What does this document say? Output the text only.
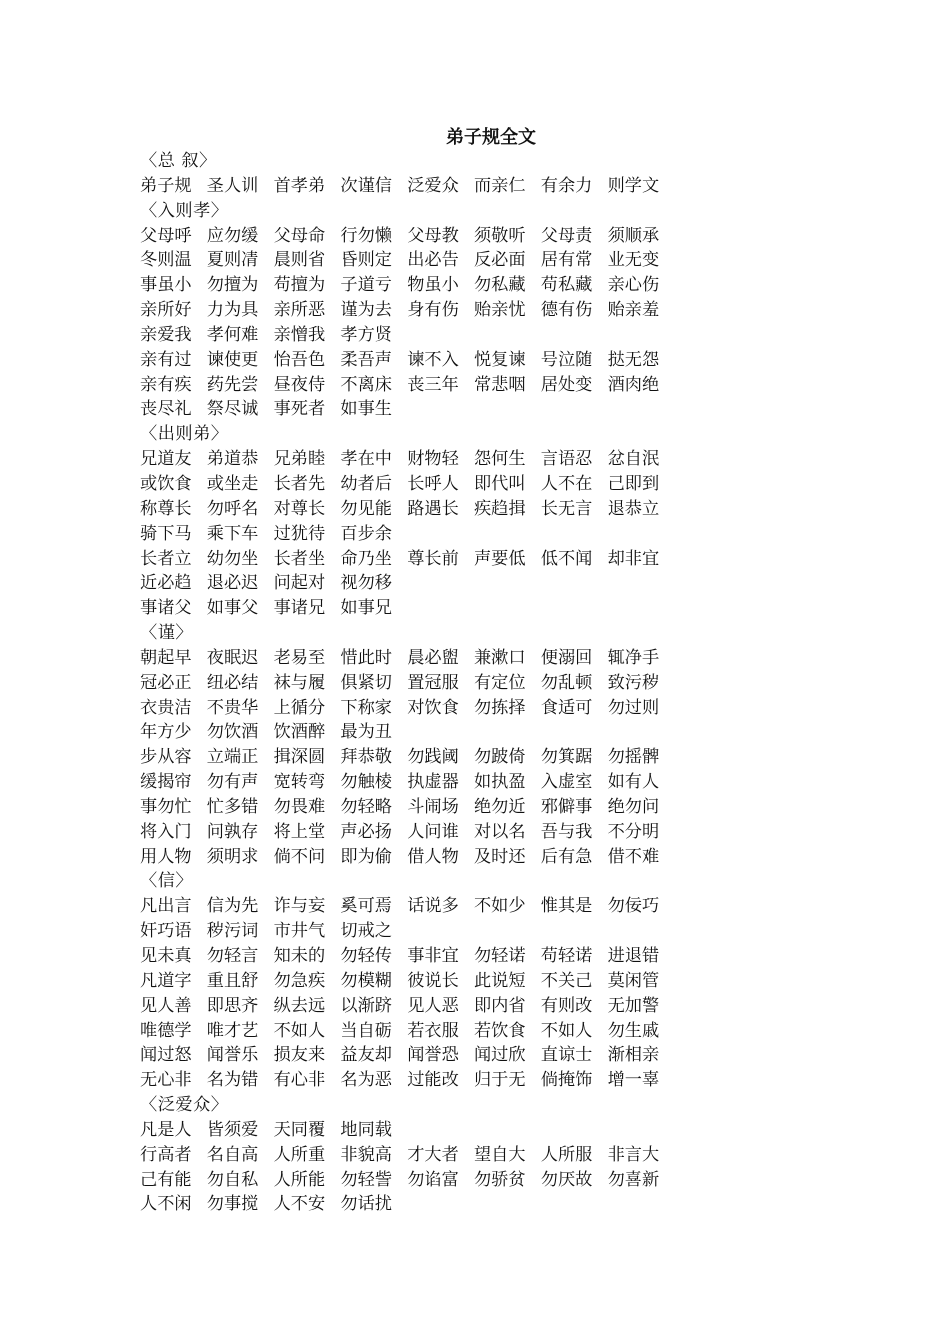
弟子规全文
〈总 叙〉
弟子规 圣人训 首孝弟 次谨信 泛爱众 而亲仁 有余力 则学文
〈入则孝〉
父母呼 应勿缓 父母命 行勿懒 父母教 须敬听 父母责 须顺承
冬则温 夏则凊 晨则省 昏则定 出必告 反必面 居有常 业无变
事虽小 勿擅为 苟擅为 子道亏 物虽小 勿私藏 苟私藏 亲心伤
亲所好 力为具 亲所恶 谨为去 身有伤 贻亲忧 德有伤 贻亲羞
亲爱我 孝何难 亲憎我 孝方贤
亲有过 谏使更 怡吾色 柔吾声 谏不入 悦复谏 号泣随 挞无怨
亲有疾 药先尝 昼夜侍 不离床 丧三年 常悲咽 居处变 酒肉绝
丧尽礼 祭尽诚 事死者 如事生
〈出则弟〉
兄道友 弟道恭 兄弟睦 孝在中 财物轻 怨何生 言语忍 忿自泯
或饮食 或坐走 长者先 幼者后 长呼人 即代叫 人不在 己即到
称尊长 勿呼名 对尊长 勿见能 路遇长 疾趋揖 长无言 退恭立
骑下马 乘下车 过犹待 百步余
长者立 幼勿坐 长者坐 命乃坐 尊长前 声要低 低不闻 却非宜
近必趋 退必迟 问起对 视勿移
事诸父 如事父 事诸兄 如事兄
〈谨〉
朝起早 夜眠迟 老易至 惜此时 晨必盥 兼漱口 便溺回 辄净手
冠必正 纽必结 袜与履 俱紧切 置冠服 有定位 勿乱顿 致污秽
衣贵洁 不贵华 上循分 下称家 对饮食 勿拣择 食适可 勿过则
年方少 勿饮酒 饮酒醉 最为丑
步从容 立端正 揖深圆 拜恭敬 勿践阈 勿跛倚 勿箕踞 勿摇髀
缓揭帘 勿有声 宽转弯 勿触棱 执虚器 如执盈 入虚室 如有人
事勿忙 忙多错 勿畏难 勿轻略 斗闹场 绝勿近 邪僻事 绝勿问
将入门 问孰存 将上堂 声必扬 人问谁 对以名 吾与我 不分明
用人物 须明求 倘不问 即为偷 借人物 及时还 后有急 借不难
〈信〉
凡出言 信为先 诈与妄 奚可焉 话说多 不如少 惟其是 勿佞巧
奸巧语 秽污词 市井气 切戒之
见未真 勿轻言 知未的 勿轻传 事非宜 勿轻诺 苟轻诺 进退错
凡道字 重且舒 勿急疾 勿模糊 彼说长 此说短 不关己 莫闲管
见人善 即思齐 纵去远 以渐跻 见人恶 即内省 有则改 无加警
唯德学 唯才艺 不如人 当自砺 若衣服 若饮食 不如人 勿生戚
闻过怒 闻誉乐 损友来 益友却 闻誉恐 闻过欣 直谅士 渐相亲
无心非 名为错 有心非 名为恶 过能改 归于无 倘掩饰 增一辜
〈泛爱众〉
凡是人 皆须爱 天同覆 地同载
行高者 名自高 人所重 非貌高 才大者 望自大 人所服 非言大
己有能 勿自私 人所能 勿轻訾 勿谄富 勿骄贫 勿厌故 勿喜新
人不闲 勿事搅 人不安 勿话扰
